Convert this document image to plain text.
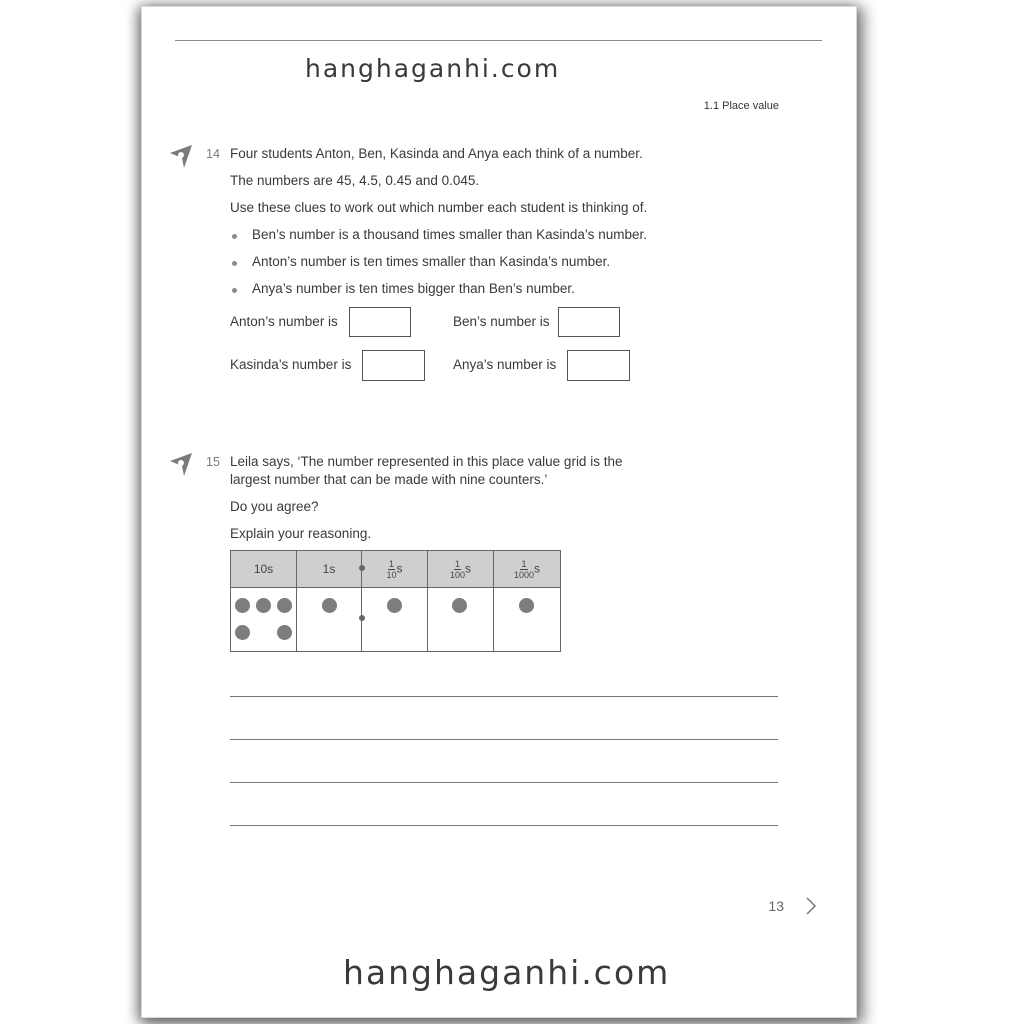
hanghaganhi.com
1.1 Place value
14 Four students Anton, Ben, Kasinda and Anya each think of a number.
The numbers are 45, 4.5, 0.45 and 0.045.
Use these clues to work out which number each student is thinking of.
Ben’s number is a thousand times smaller than Kasinda’s number.
Anton’s number is ten times smaller than Kasinda’s number.
Anya’s number is ten times bigger than Ben’s number.
Anton’s number is	Ben’s number is
Kasinda’s number is	Anya’s number is
15 Leila says, ‘The number represented in this place value grid is the
largest number that can be made with nine counters.’
Do you agree?
Explain your reasoning.
10s	1s	$\frac{1}{10}$ s	$\frac{1}{100}$ s	$\frac{1}{1000}$ s

13
hanghaganhi.com
